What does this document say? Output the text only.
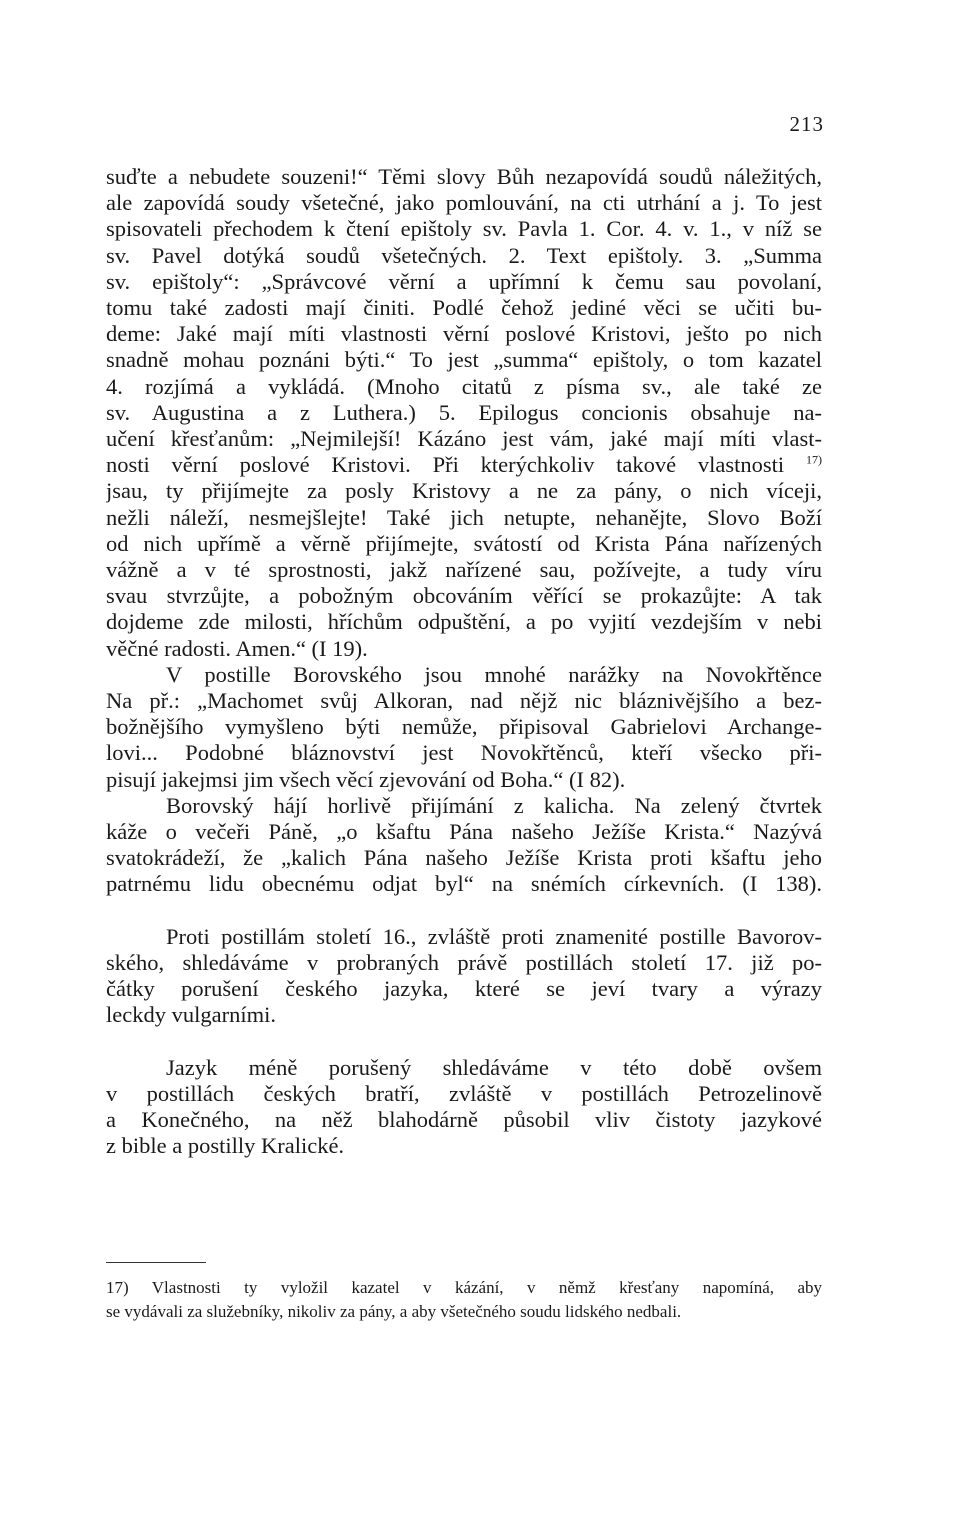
213
suďte a nebudete souzeni!“ Těmi slovy Bůh nezapovídá soudů náležitých,
ale zapovídá soudy všetečné, jako pomlouvání, na cti utrhání a j. To jest
spisovateli přechodem k čtení epištoly sv. Pavla 1. Cor. 4. v. 1., v níž se
sv. Pavel dotýká soudů všetečných. 2. Text epištoly. 3. „Summa
sv. epištoly“: „Správcové věrní a upřímní k čemu sau povolaní,
tomu také zadosti mají činiti. Podlé čehož jediné věci se učiti bu-
deme: Jaké mají míti vlastnosti věrní poslové Kristovi, ješto po nich
snadně mohau poznáni býti.“ To jest „summa“ epištoly, o tom kazatel
4. rozjímá a vykládá. (Mnoho citatů z písma sv., ale také ze
sv. Augustina a z Luthera.) 5. Epilogus concionis obsahuje na-
učení křesťanům: „Nejmilejší! Kázáno jest vám, jaké mají míti vlast-
nosti věrní poslové Kristovi. Při kterýchkoliv takové vlastnosti $^{17)}$
jsau, ty přijímejte za posly Kristovy a ne za pány, o nich víceji,
nežli náleží, nesmejšlejte! Také jich netupte, nehanějte, Slovo Boží
od nich upřímě a věrně přijímejte, svátostí od Krista Pána nařízených
vážně a v té sprostnosti, jakž nařízené sau, požívejte, a tudy víru
svau stvrzůjte, a pobožným obcováním věřící se prokazůjte: A tak
dojdeme zde milosti, hříchům odpuštění, a po vyjití vezdejším v nebi
věčné radosti. Amen.“ (I 19).
V postille Borovského jsou mnohé narážky na Novokřtěnce
Na př.: „Machomet svůj Alkoran, nad nějž nic bláznivějšího a bez-
božnějšího vymyšleno býti nemůže, připisoval Gabrielovi Archange-
lovi... Podobné bláznovství jest Novokřtěnců, kteří všecko při-
pisují jakejmsi jim všech věcí zjevování od Boha.“ (I 82).
Borovský hájí horlivě přijímání z kalicha. Na zelený čtvrtek
káže o večeři Páně, „o kšaftu Pána našeho Ježíše Krista.“ Nazývá
svatokrádeží, že „kalich Pána našeho Ježíše Krista proti kšaftu jeho
patrnému lidu obecnému odjat byl“ na snémích církevních. (I 138).
Proti postillám století 16., zvláště proti znamenité postille Bavorov-
ského, shledáváme v probraných právě postillách století 17. již po-
čátky porušení českého jazyka, které se jeví tvary a výrazy
leckdy vulgarními.
Jazyk méně porušený shledáváme v této době ovšem
v postillách českých bratří, zvláště v postillách Petrozelinově
a Konečného, na něž blahodárně působil vliv čistoty jazykové
z bible a postilly Kralické.
17) Vlastnosti ty vyložil kazatel v kázání, v němž křesťany napomíná, aby
se vydávali za služebníky, nikoliv za pány, a aby všetečného soudu lidského nedbali.
